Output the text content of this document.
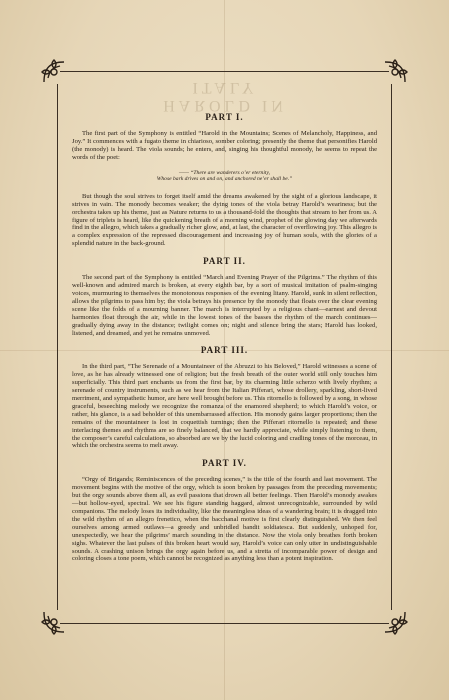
HAROLD IN ITALY
PART I.

The first part of the Symphony is entitled “Harold in the Mountains; Scenes of Melancholy, Happiness, and Joy.” It commences with a fugato theme in chiarioso, somber coloring; presently the theme that personifies Harold (the monody) is heard. The viola sounds; he enters, and, singing his thoughtful monody, he seems to repeat the words of the poet:

—— “There are wanderers o’er eternity,
Whose bark drives on and on, and anchored ne’er shall be.”

But though the soul strives to forget itself amid the dreams awakened by the sight of a glorious landscape, it strives in vain. The monody becomes weaker; the dying tones of the viola betray Harold’s weariness; but the orchestra takes up his theme, just as Nature returns to us a thousand-fold the thoughts that stream to her from us. A figure of triplets is heard, like the quickening breath of a morning wind, prophet of the glowing day we afterwards find in the allegro, which takes a gradually richer glow, and, at last, the character of overflowing joy. This allegro is a complex expression of the repressed discouragement and increasing joy of human souls, with the glories of a splendid nature in the back-ground.

PART II.

The second part of the Symphony is entitled “March and Evening Prayer of the Pilgrims.” The rhythm of this well-known and admired march is broken, at every eighth bar, by a sort of musical imitation of psalm-singing voices, murmuring to themselves the monotonous responses of the evening litany. Harold, sunk in silent reflection, allows the pilgrims to pass him by; the viola betrays his presence by the monody that floats over the clear evening scene like the folds of a mourning banner. The march is interrupted by a religious chant—earnest and devout harmonies float through the air, while in the lowest tones of the basses the rhythm of the march continues—gradually dying away in the distance; twilight comes on; night and silence bring the stars; Harold has looked, listened, and dreamed, and yet he remains unmoved.

PART III.

In the third part, “The Serenade of a Mountaineer of the Abruzzi to his Beloved,” Harold witnesses a scene of love, as he has already witnessed one of religion; but the fresh breath of the outer world still only touches him superficially. This third part enchants us from the first bar, by its charming little scherzo with lively rhythm; a serenade of country instruments, such as we hear from the Italian Pifferari, whose drollery, sparkling, short-lived merriment, and sympathetic humor, are here well brought before us. This ritornello is followed by a song, in whose graceful, beseeching melody we recognize the romanza of the enamored shepherd; to which Harold’s voice, or rather, his glance, is a sad beholder of this unembarrassed affection. His monody gains larger proportions; then the remains of the mountaineer is lost in coquettish turnings; then the Pifferari ritornello is repeated; and these interlacing themes and rhythms are so finely balanced, that we hardly appreciate, while simply listening to them, the composer’s careful calculations, so absorbed are we by the lucid coloring and cradling tones of the morceau, in which the orchestra seems to melt away.

PART IV.

“Orgy of Brigands; Reminiscences of the preceding scenes,” is the title of the fourth and last movement. The movement begins with the motive of the orgy, which is soon broken by passages from the preceding movements; but the orgy sounds above them all, as evil passions that drown all better feelings. Then Harold’s monody awakes—but hollow-eyed, spectral. We see his figure standing haggard, almost unrecognizable, surrounded by wild companions. The melody loses its individuality, like the meaningless ideas of a wandering brain; it is dragged into the wild rhythm of an allegro frenetico, when the bacchanal motive is first clearly distinguished. We then feel ourselves among armed outlaws—a greedy and unbridled bandit soldiatesca. But suddenly, unhoped for, unexpectedly, we hear the pilgrims’ march sounding in the distance. Now the viola only breathes forth broken sighs. Whatever the last pulses of this broken heart would say, Harold’s voice can only utter in undistinguishable sounds. A crashing unison brings the orgy again before us, and a stretta of incomparable power of design and coloring closes a tone poem, which cannot be recognized as anything less than a potent inspiration.
